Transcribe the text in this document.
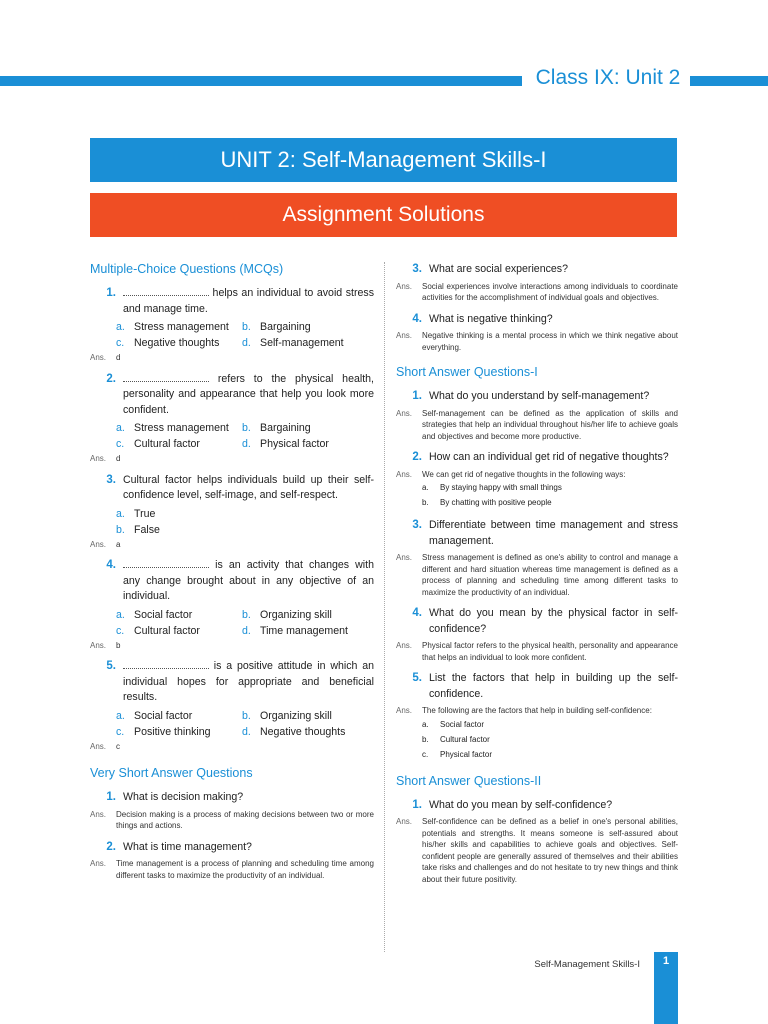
Class IX: Unit 2
UNIT 2: Self-Management Skills-I
Assignment Solutions
Multiple-Choice Questions (MCQs)
1.	helps an individual to avoid stress and manage time.
a. Stress management	b. Bargaining
c. Negative thoughts	d. Self-management
Ans.	d
2.	refers to the physical health, personality and appearance that help you look more confident.
a. Stress management	b. Bargaining
c. Cultural factor	d. Physical factor
Ans.	d
3. Cultural factor helps individuals build up their self-confidence level, self-image, and self-respect.
a. True
b. False
Ans.	a
4.	is an activity that changes with any change brought about in any objective of an individual.
a. Social factor	b. Organizing skill
c. Cultural factor	d. Time management
Ans.	b
5.	is a positive attitude in which an individual hopes for appropriate and beneficial results.
a. Social factor	b. Organizing skill
c. Positive thinking	d. Negative thoughts
Ans.	c
Very Short Answer Questions
1. What is decision making?
Ans.	Decision making is a process of making decisions between two or more things and actions.
2. What is time management?
Ans.	Time management is a process of planning and scheduling time among different tasks to maximize the productivity of an individual.
3. What are social experiences?
Ans.	Social experiences involve interactions among individuals to coordinate activities for the accomplishment of individual goals and objectives.
4. What is negative thinking?
Ans.	Negative thinking is a mental process in which we think negative about everything.
Short Answer Questions-I
1. What do you understand by self-management?
Ans.	Self-management can be defined as the application of skills and strategies that help an individual throughout his/her life to achieve goals and objectives and become more productive.
2. How can an individual get rid of negative thoughts?
Ans.	We can get rid of negative thoughts in the following ways:
a.	By staying happy with small things
b.	By chatting with positive people
3. Differentiate between time management and stress management.
Ans.	Stress management is defined as one's ability to control and manage a different and hard situation whereas time management is defined as a process of planning and scheduling time among different tasks to maximize the productivity of an individual.
4. What do you mean by the physical factor in self-confidence?
Ans.	Physical factor refers to the physical health, personality and appearance that helps an individual to look more confident.
5. List the factors that help in building up the self-confidence.
Ans.	The following are the factors that help in building self-confidence:
a.	Social factor
b.	Cultural factor
c.	Physical factor
Short Answer Questions-II
1. What do you mean by self-confidence?
Ans.	Self-confidence can be defined as a belief in one's personal abilities, potentials and strengths. It means someone is self-assured about his/her skills and capabilities to achieve goals and objectives. Self-confident people are generally assured of themselves and their abilities take risks and challenges and do not hesitate to try new things and think about their future positivity.
Self-Management Skills-I	1
